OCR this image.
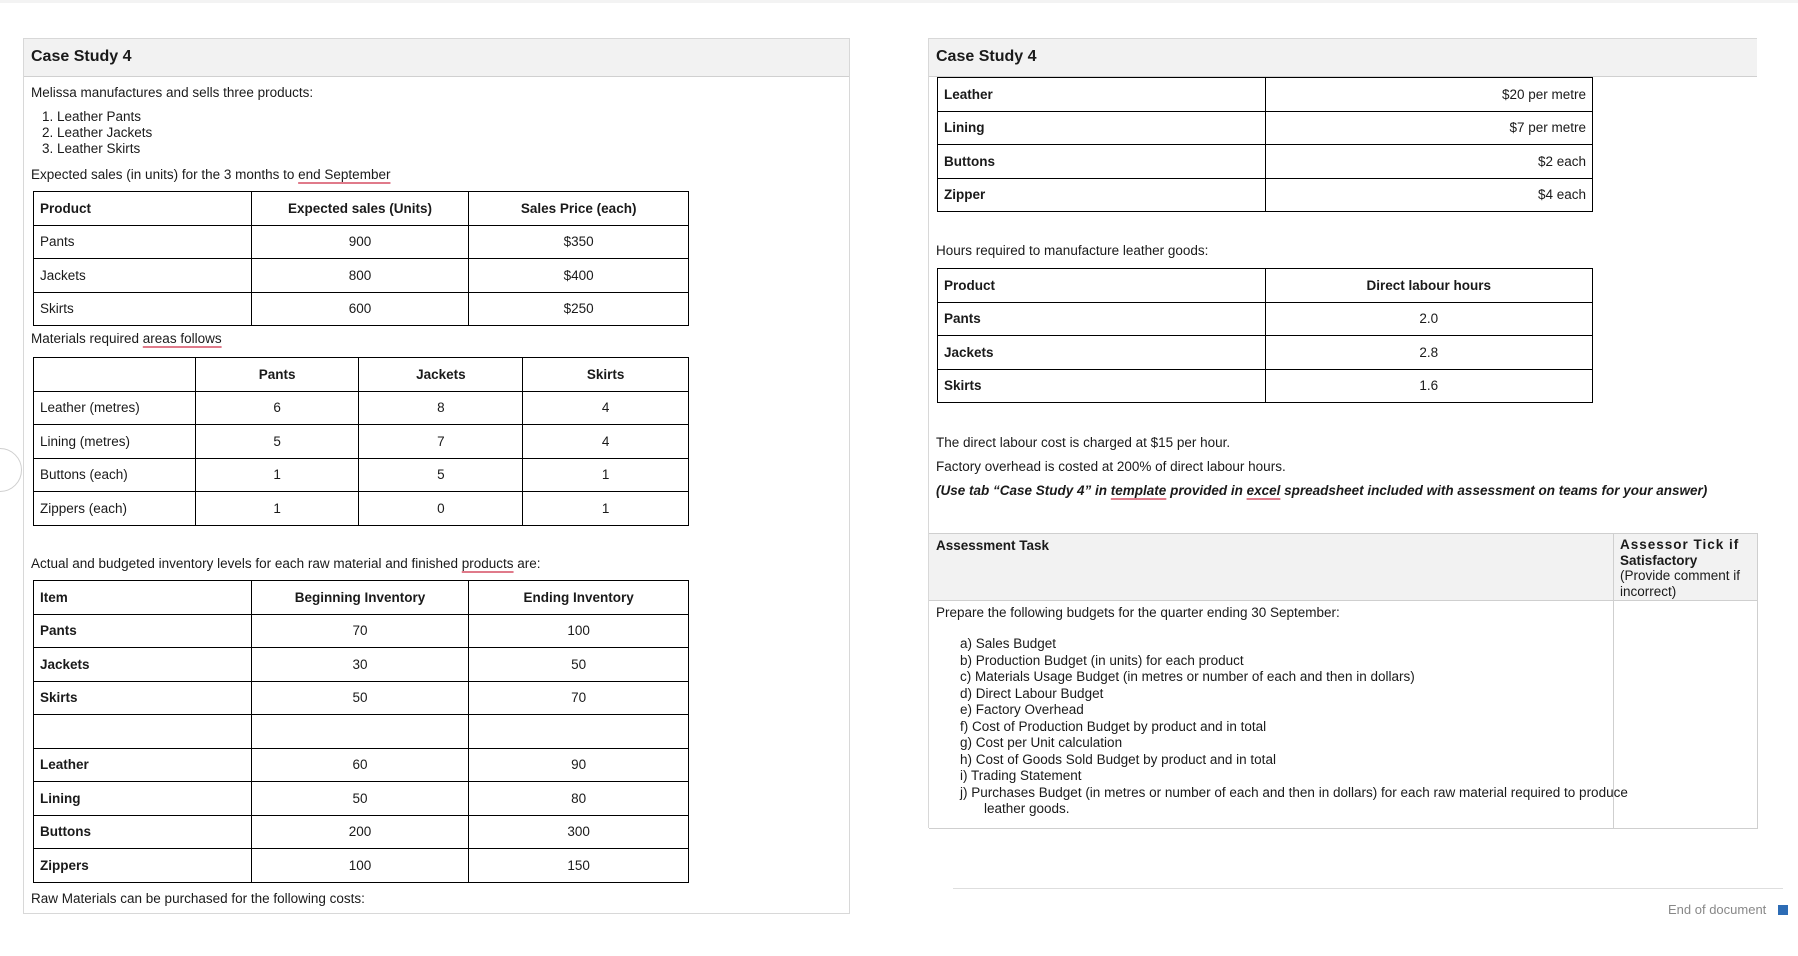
Case Study 4
Melissa manufactures and sells three products:
1. Leather Pants
2. Leather Jackets
3. Leather Skirts
Expected sales (in units) for the 3 months to end September
Product	Expected sales (Units)	Sales Price (each)
Pants	900	$350
Jackets	800	$400
Skirts	600	$250
Materials required areas follows
	Pants	Jackets	Skirts
Leather (metres)	6	8	4
Lining (metres)	5	7	4
Buttons (each)	1	5	1
Zippers (each)	1	0	1
Actual and budgeted inventory levels for each raw material and finished products are:
Item	Beginning Inventory	Ending Inventory
Pants	70	100
Jackets	30	50
Skirts	50	70

Leather	60	90
Lining	50	80
Buttons	200	300
Zippers	100	150
Raw Materials can be purchased for the following costs:
Case Study 4
Leather	$20 per metre
Lining	$7 per metre
Buttons	$2 each
Zipper	$4 each
Hours required to manufacture leather goods:
Product	Direct labour hours
Pants	2.0
Jackets	2.8
Skirts	1.6
The direct labour cost is charged at $15 per hour.
Factory overhead is costed at 200% of direct labour hours.
(Use tab “Case Study 4” in template provided in excel spreadsheet included with assessment on teams for your answer)
Assessment Task	Assessor Tick if
Satisfactory
(Provide comment if
incorrect)
Prepare the following budgets for the quarter ending 30 September:
a) Sales Budget
b) Production Budget (in units) for each product
c) Materials Usage Budget (in metres or number of each and then in dollars)
d) Direct Labour Budget
e) Factory Overhead
f) Cost of Production Budget by product and in total
g) Cost per Unit calculation
h) Cost of Goods Sold Budget by product and in total
i) Trading Statement
j) Purchases Budget (in metres or number of each and then in dollars) for each raw material required to produce
leather goods.
End of document
